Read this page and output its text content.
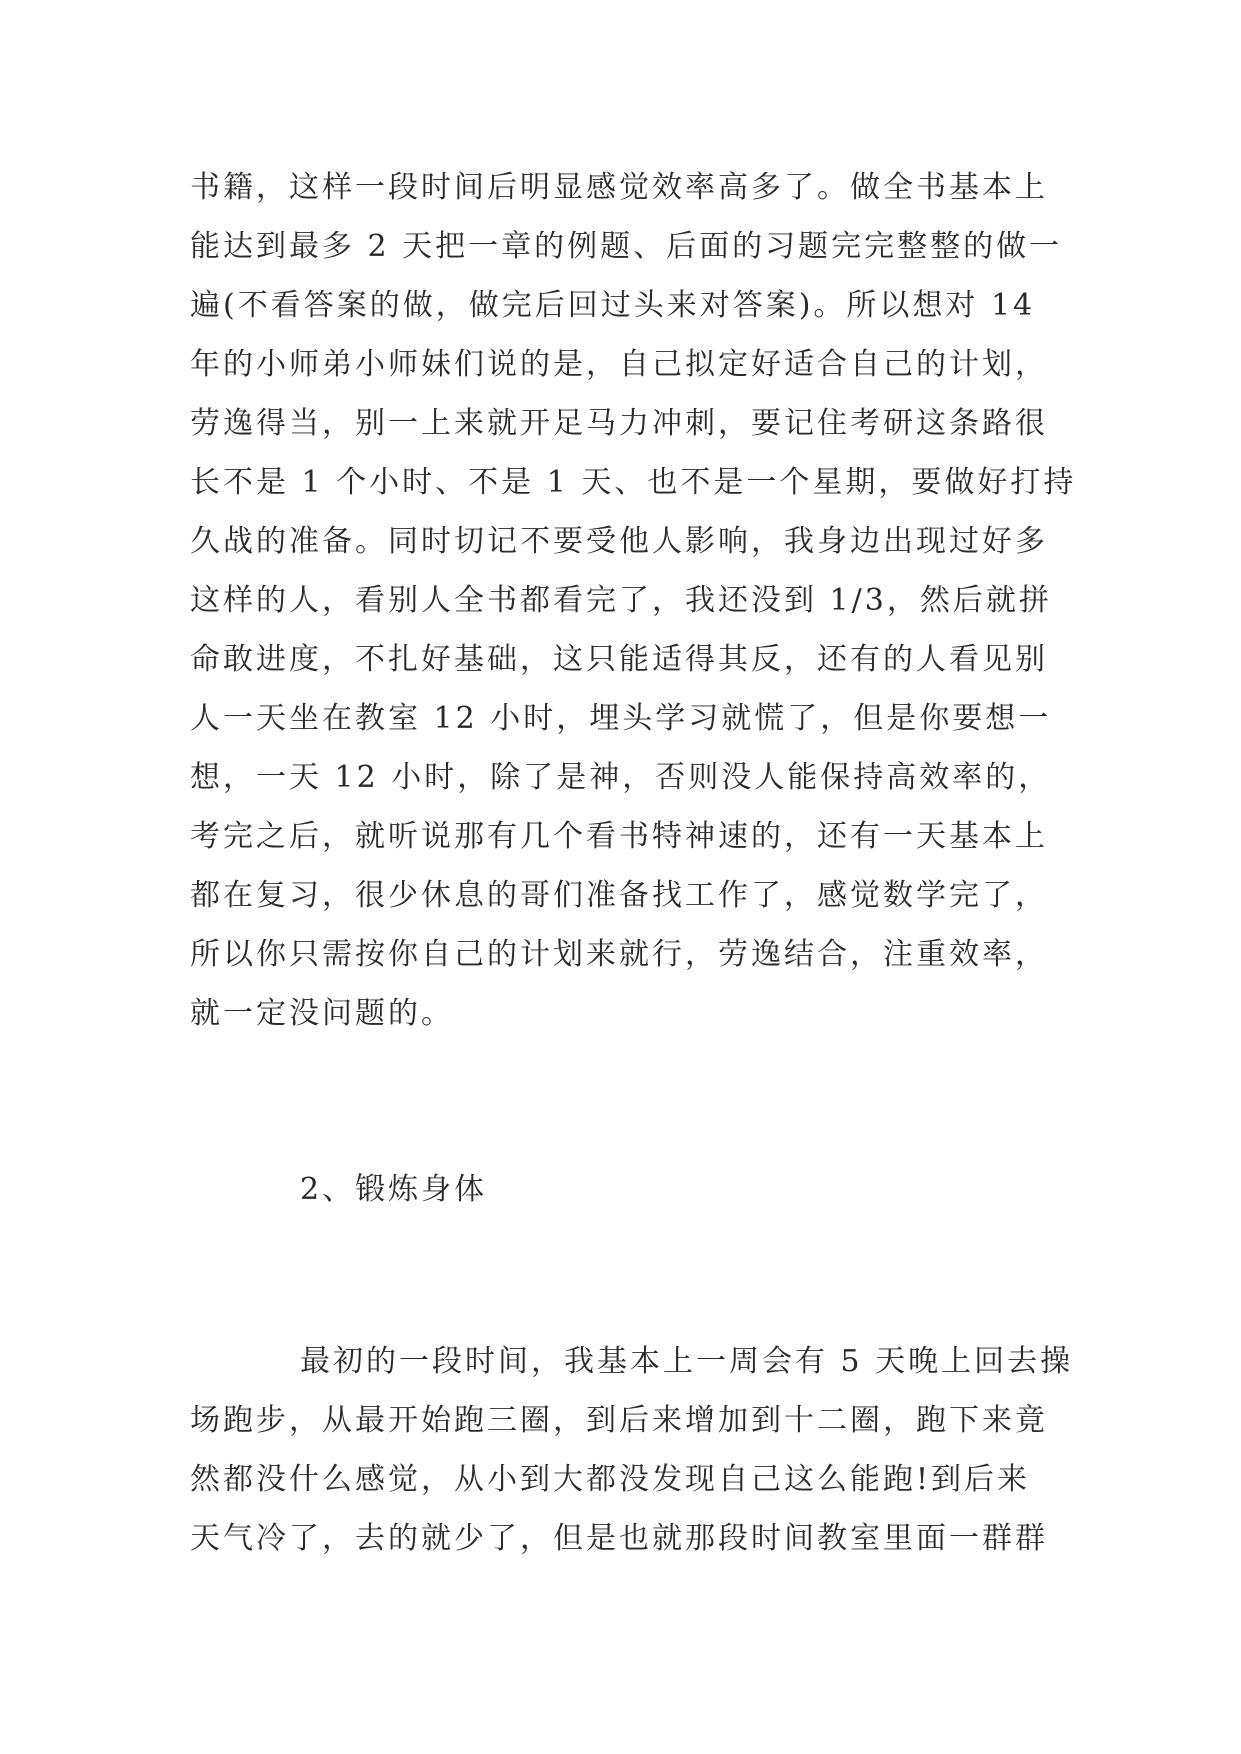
书籍，这样一段时间后明显感觉效率高多了。做全书基本上
能达到最多 2 天把一章的例题、后面的习题完完整整的做一
遍(不看答案的做，做完后回过头来对答案)。所以想对 14
年的小师弟小师妹们说的是，自己拟定好适合自己的计划，
劳逸得当，别一上来就开足马力冲刺，要记住考研这条路很
长不是 1 个小时、不是 1 天、也不是一个星期，要做好打持
久战的准备。同时切记不要受他人影响，我身边出现过好多
这样的人，看别人全书都看完了，我还没到 1/3，然后就拼
命敢进度，不扎好基础，这只能适得其反，还有的人看见别
人一天坐在教室 12 小时，埋头学习就慌了，但是你要想一
想，一天 12 小时，除了是神，否则没人能保持高效率的，
考完之后，就听说那有几个看书特神速的，还有一天基本上
都在复习，很少休息的哥们准备找工作了，感觉数学完了，
所以你只需按你自己的计划来就行，劳逸结合，注重效率，
就一定没问题的。
2、锻炼身体
最初的一段时间，我基本上一周会有 5 天晚上回去操
场跑步，从最开始跑三圈，到后来增加到十二圈，跑下来竟
然都没什么感觉，从小到大都没发现自己这么能跑!到后来
天气冷了，去的就少了，但是也就那段时间教室里面一群群
